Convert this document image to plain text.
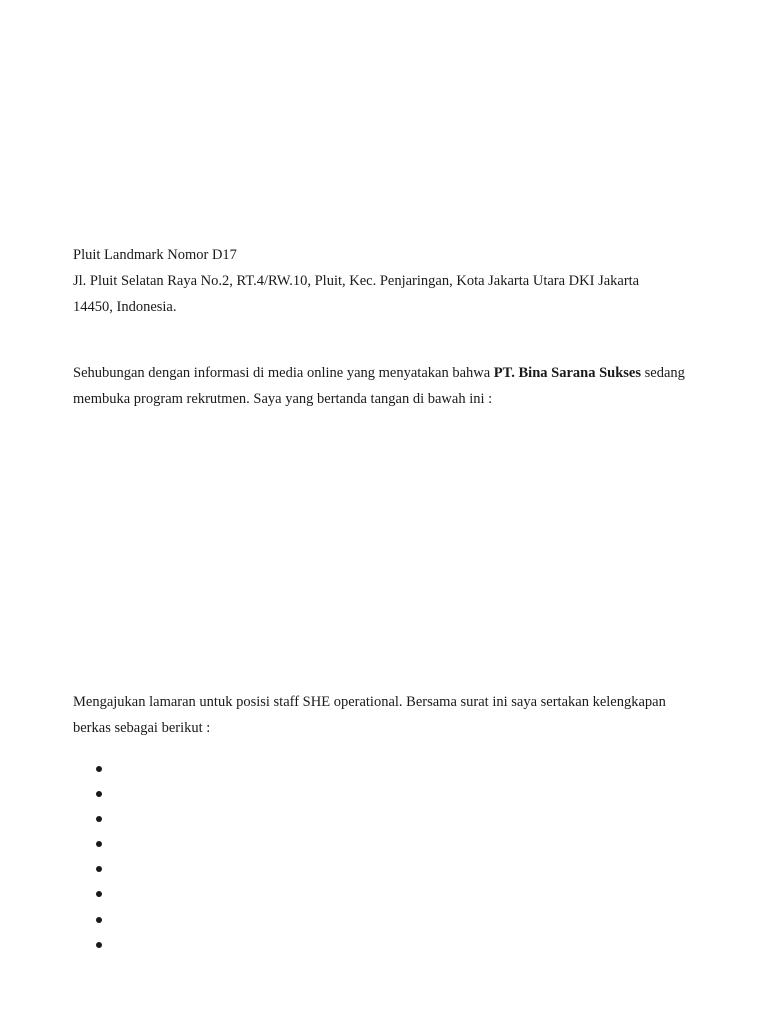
Pluit Landmark Nomor D17

Jl. Pluit Selatan Raya No.2, RT.4/RW.10, Pluit, Kec. Penjaringan, Kota Jakarta Utara DKI Jakarta

14450, Indonesia.

Sehubungan dengan informasi di media online yang menyatakan bahwa PT. Bina Sarana Sukses sedang membuka program rekrutmen. Saya yang bertanda tangan di bawah ini :

Mengajukan lamaran untuk posisi staff SHE operational. Bersama surat ini saya sertakan kelengkapan berkas sebagai berikut :
